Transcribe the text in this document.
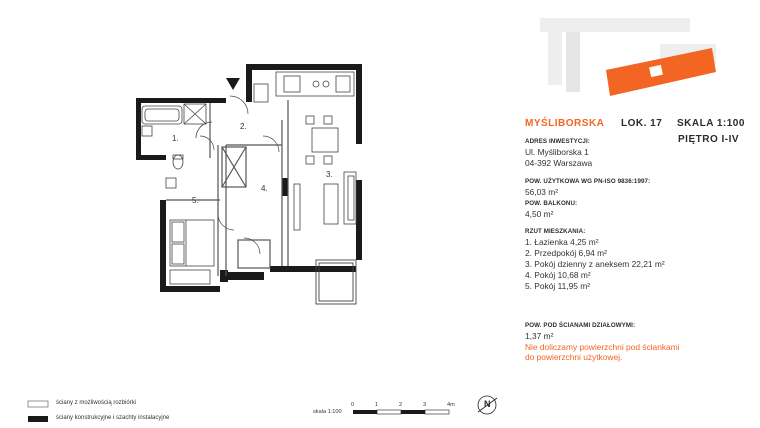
1.
2.
3.
4.
5.
MYŚLIBORSKA LOK. 17 SKALA 1:100
PIĘTRO I-IV
ADRES INWESTYCJI:
Ul. Myśliborska 1
04-392 Warszawa
POW. UŻYTKOWA WG PN-ISO 9836:1997:
56,03 m²
POW. BALKONU:
4,50 m²
RZUT MIESZKANIA:
1. Łazienka 4,25 m²
2. Przedpokój 6,94 m²
3. Pokój dzienny z aneksem 22,21 m²
4. Pokój 10,68 m²
5. Pokój 11,95 m²
POW. POD ŚCIANAMI DZIAŁOWYMI:
1,37 m²
Nie doliczamy powierzchni pod ściankami
do powierzchni użytkowej.
ściany z możliwością rozbiórki
ściany konstrukcyjne i szachty instalacyjne
skala 1:100
0	1	2	3	4m	N
